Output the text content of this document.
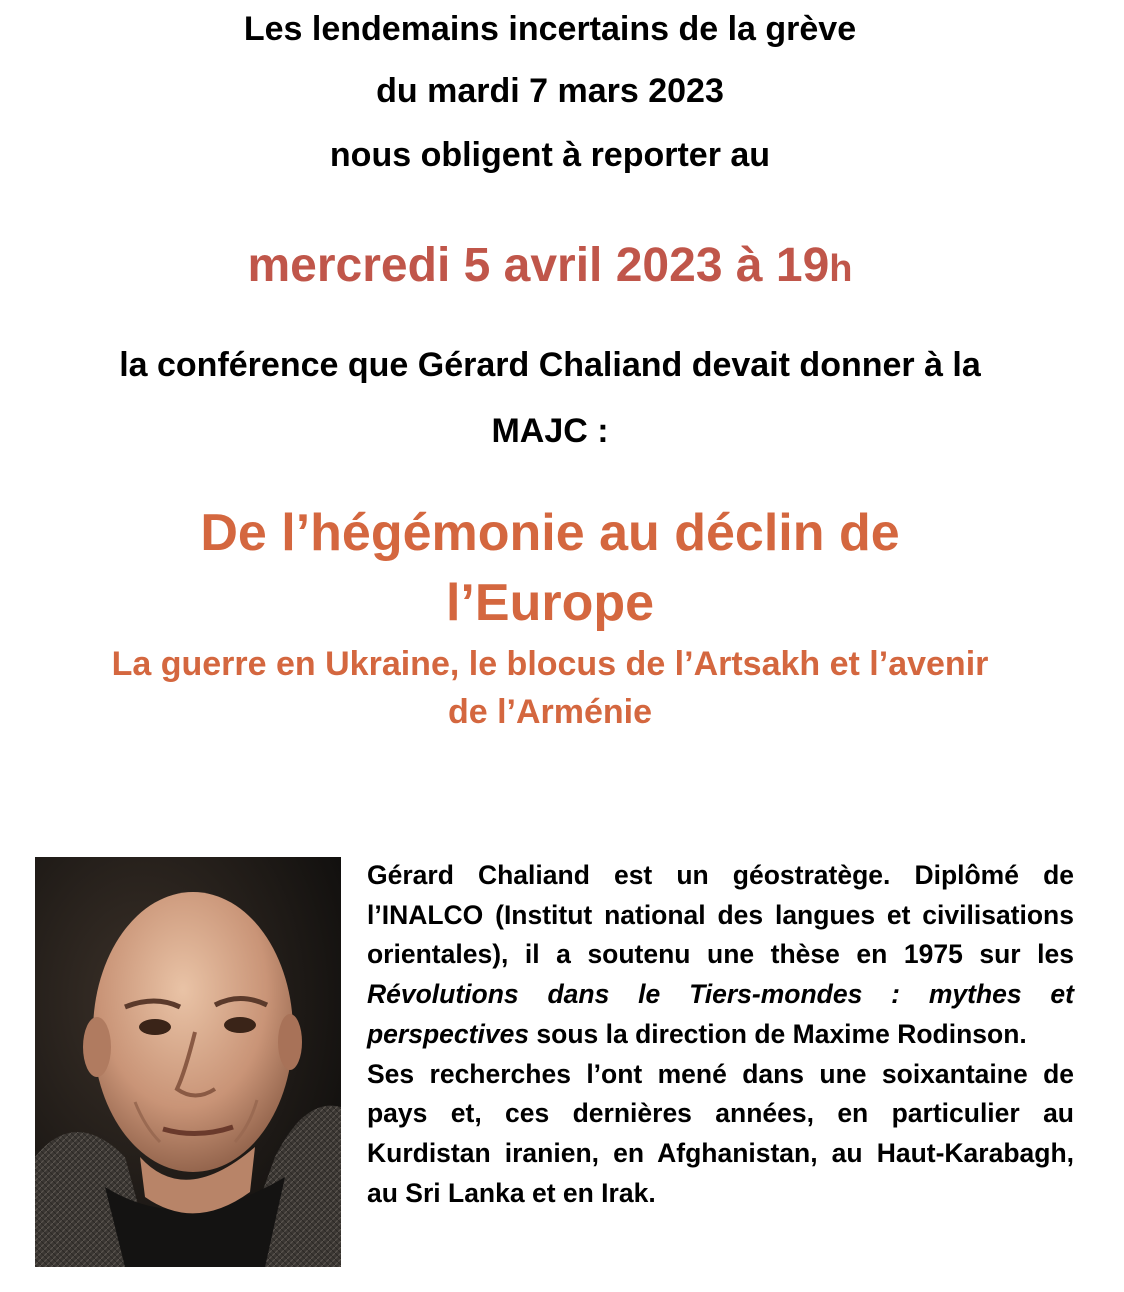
Les lendemains incertains de la grève
du mardi 7 mars 2023
nous obligent à reporter au
mercredi 5 avril 2023 à 19h
la conférence que Gérard Chaliand devait donner à la
MAJC :
De l’hégémonie au déclin de
l’Europe
La guerre en Ukraine, le blocus de l’Artsakh et l’avenir
de l’Arménie

Gérard Chaliand est un géostratège. Diplômé de l’INALCO (Institut national des langues et civilisations orientales), il a soutenu une thèse en 1975 sur les Révolutions dans le Tiers-mondes : mythes et perspectives sous la direction de Maxime Rodinson.

Ses recherches l’ont mené dans une soixantaine de pays et, ces dernières années, en particulier au Kurdistan iranien, en Afghanistan, au Haut-Karabagh, au Sri Lanka et en Irak.
